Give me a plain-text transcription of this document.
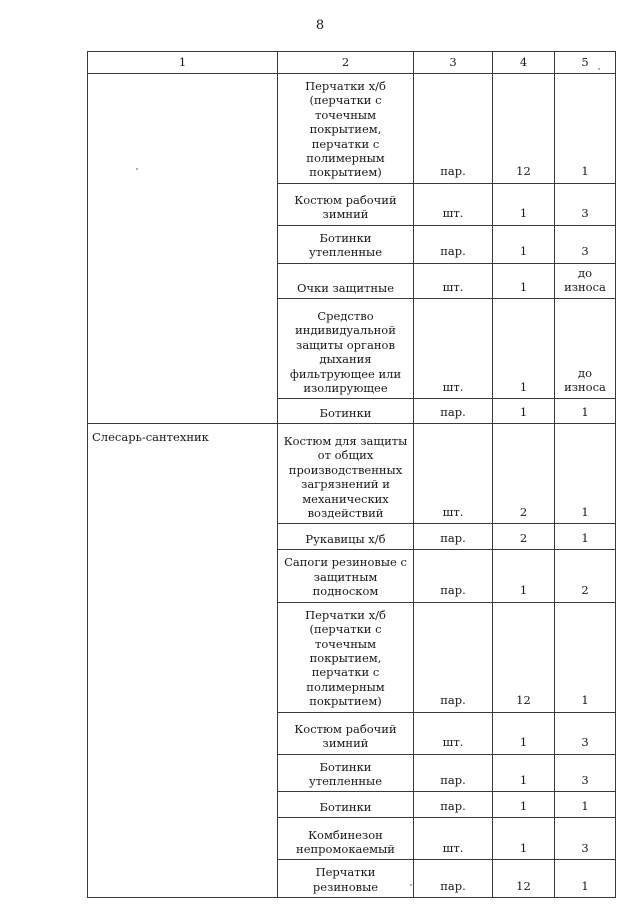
8
1	2	3	4	5
	Перчатки х/б (перчатки с точечным покрытием, перчатки с полимерным покрытием)	пар.	12	1
	Костюм рабочий зимний	шт.	1	3
	Ботинки утепленные	пар.	1	3
	Очки защитные	шт.	1	до износа
	Средство индивидуальной защиты органов дыхания фильтрующее или изолирующее	шт.	1	до износа
	Ботинки	пар.	1	1
Слесарь-сантехник	Костюм для защиты от общих производственных загрязнений и механических воздействий	шт.	2	1
	Рукавицы х/б	пар.	2	1
	Сапоги резиновые с защитным подноском	пар.	1	2
	Перчатки х/б (перчатки с точечным покрытием, перчатки с полимерным покрытием)	пар.	12	1
	Костюм рабочий зимний	шт.	1	3
	Ботинки утепленные	пар.	1	3
	Ботинки	пар.	1	1
	Комбинезон непромокаемый	шт.	1	3
	Перчатки резиновые	пар.	12	1
